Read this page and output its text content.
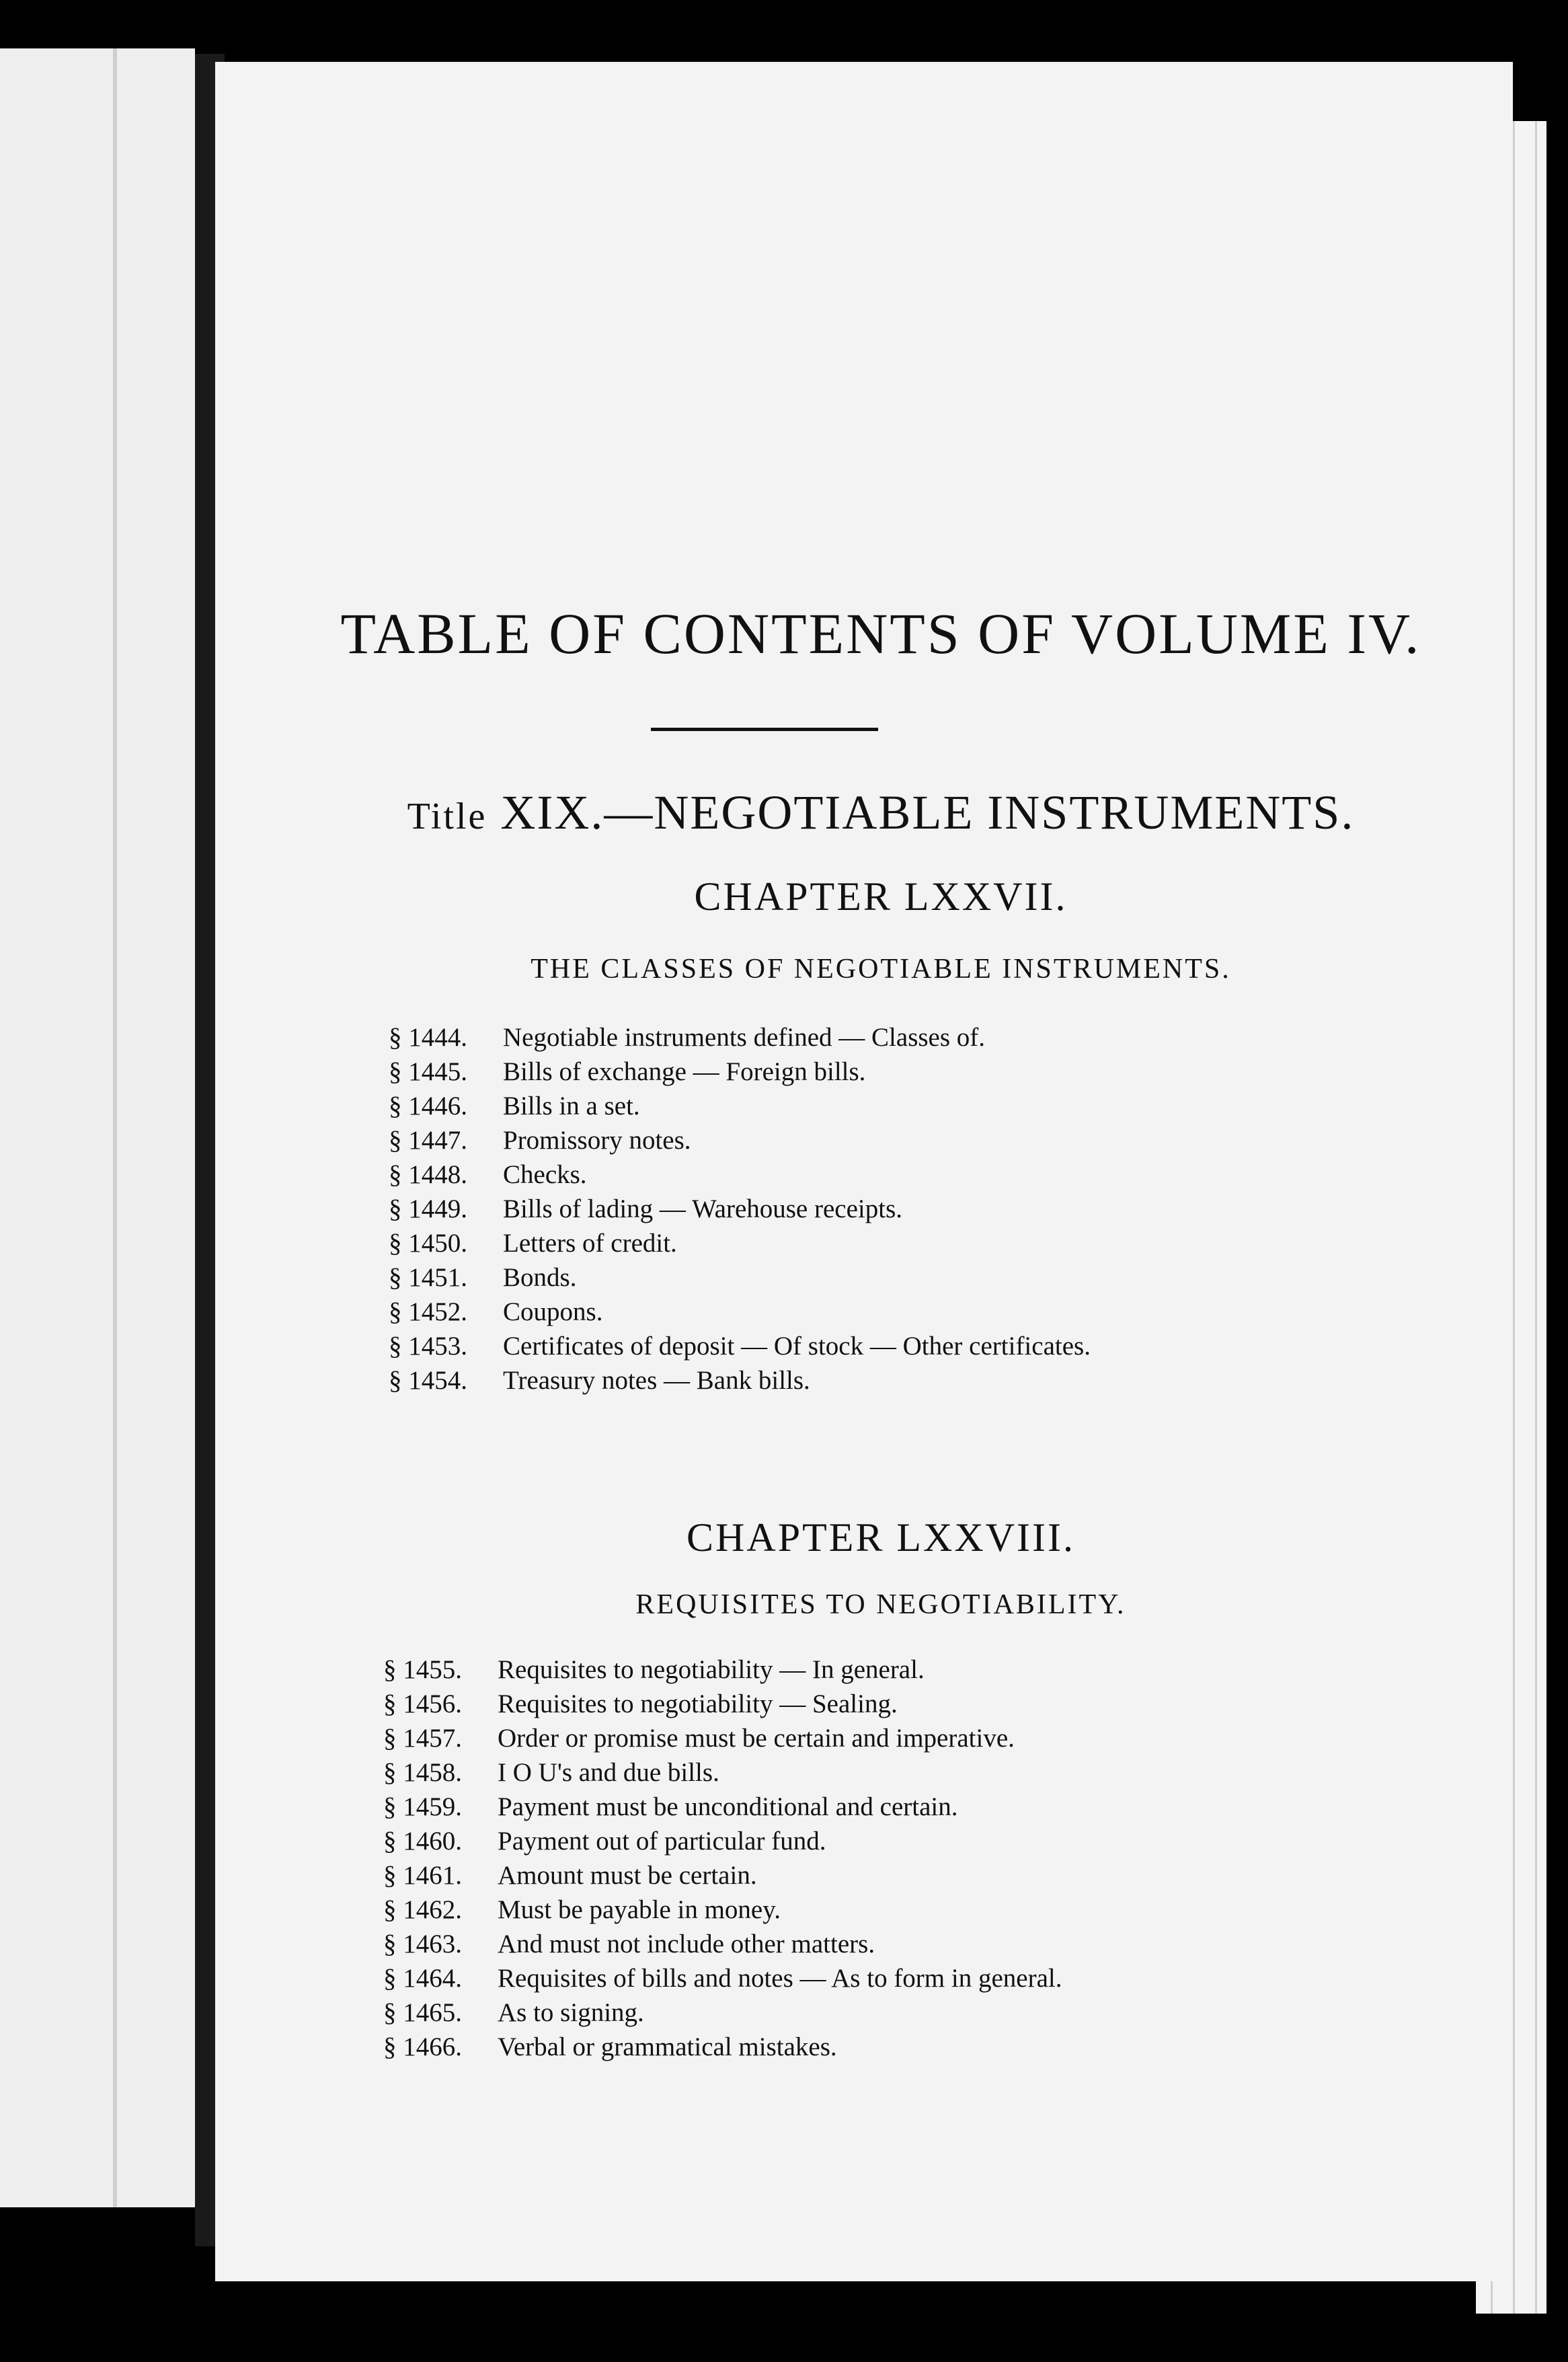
TABLE OF CONTENTS OF VOLUME IV.
Title XIX.—NEGOTIABLE INSTRUMENTS.
CHAPTER LXXVII.
THE CLASSES OF NEGOTIABLE INSTRUMENTS.
§ 1444.	Negotiable instruments defined — Classes of.
§ 1445.	Bills of exchange — Foreign bills.
§ 1446.	Bills in a set.
§ 1447.	Promissory notes.
§ 1448.	Checks.
§ 1449.	Bills of lading — Warehouse receipts.
§ 1450.	Letters of credit.
§ 1451.	Bonds.
§ 1452.	Coupons.
§ 1453.	Certificates of deposit — Of stock — Other certificates.
§ 1454.	Treasury notes — Bank bills.
CHAPTER LXXVIII.
REQUISITES TO NEGOTIABILITY.
§ 1455.	Requisites to negotiability — In general.
§ 1456.	Requisites to negotiability — Sealing.
§ 1457.	Order or promise must be certain and imperative.
§ 1458.	I O U's and due bills.
§ 1459.	Payment must be unconditional and certain.
§ 1460.	Payment out of particular fund.
§ 1461.	Amount must be certain.
§ 1462.	Must be payable in money.
§ 1463.	And must not include other matters.
§ 1464.	Requisites of bills and notes — As to form in general.
§ 1465.	As to signing.
§ 1466.	Verbal or grammatical mistakes.
